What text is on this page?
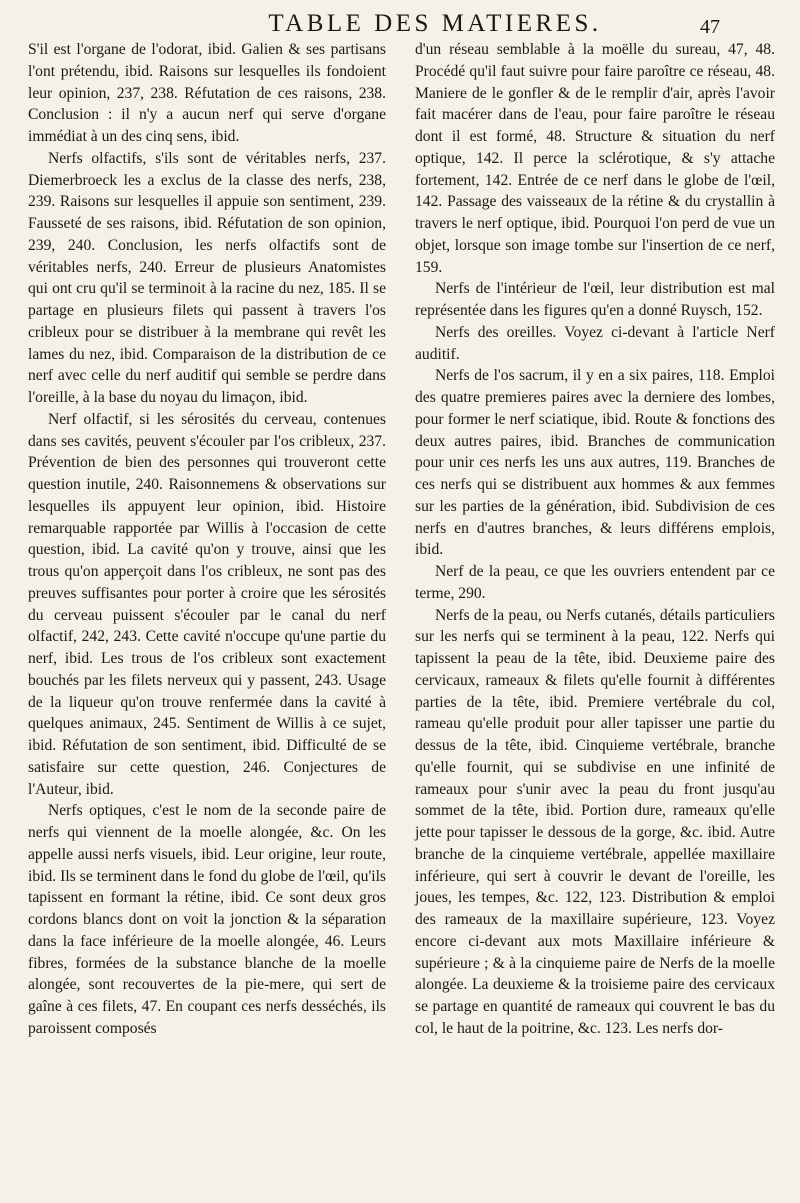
TABLE DES MATIERES.	47

S'il est l'organe de l'odorat, ibid. Galien & ses partisans l'ont prétendu, ibid. Raisons sur lesquelles ils fondoient leur opinion, 237, 238. Réfutation de ces raisons, 238. Conclusion : il n'y a aucun nerf qui serve d'organe immédiat à un des cinq sens, ibid.

Nerfs olfactifs, s'ils sont de véritables nerfs, 237. Diemerbroeck les a exclus de la classe des nerfs, 238, 239. Raisons sur lesquelles il appuie son sentiment, 239. Fausseté de ses raisons, ibid. Réfutation de son opinion, 239, 240. Conclusion, les nerfs olfactifs sont de véritables nerfs, 240. Erreur de plusieurs Anatomistes qui ont cru qu'il se terminoit à la racine du nez, 185. Il se partage en plusieurs filets qui passent à travers l'os cribleux pour se distribuer à la membrane qui revêt les lames du nez, ibid. Comparaison de la distribution de ce nerf avec celle du nerf auditif qui semble se perdre dans l'oreille, à la base du noyau du limaçon, ibid.

Nerf olfactif, si les sérosités du cerveau, contenues dans ses cavités, peuvent s'écouler par l'os cribleux, 237. Prévention de bien des personnes qui trouveront cette question inutile, 240. Raisonnemens & observations sur lesquelles ils appuyent leur opinion, ibid. Histoire remarquable rapportée par Willis à l'occasion de cette question, ibid. La cavité qu'on y trouve, ainsi que les trous qu'on apperçoit dans l'os cribleux, ne sont pas des preuves suffisantes pour porter à croire que les sérosités du cerveau puissent s'écouler par le canal du nerf olfactif, 242, 243. Cette cavité n'occupe qu'une partie du nerf, ibid. Les trous de l'os cribleux sont exactement bouchés par les filets nerveux qui y passent, 243. Usage de la liqueur qu'on trouve renfermée dans la cavité à quelques animaux, 245. Sentiment de Willis à ce sujet, ibid. Réfutation de son sentiment, ibid. Difficulté de se satisfaire sur cette question, 246. Conjectures de l'Auteur, ibid.

Nerfs optiques, c'est le nom de la seconde paire de nerfs qui viennent de la moelle alongée, &c. On les appelle aussi nerfs visuels, ibid. Leur origine, leur route, ibid. Ils se terminent dans le fond du globe de l'œil, qu'ils tapissent en formant la rétine, ibid. Ce sont deux gros cordons blancs dont on voit la jonction & la séparation dans la face inférieure de la moelle alongée, 46. Leurs fibres, formées de la substance blanche de la moelle alongée, sont recouvertes de la pie-mere, qui sert de gaîne à ces filets, 47. En coupant ces nerfs desséchés, ils paroissent composés

d'un réseau semblable à la moëlle du sureau, 47, 48. Procédé qu'il faut suivre pour faire paroître ce réseau, 48. Maniere de le gonfler & de le remplir d'air, après l'avoir fait macérer dans de l'eau, pour faire paroître le réseau dont il est formé, 48. Structure & situation du nerf optique, 142. Il perce la sclérotique, & s'y attache fortement, 142. Entrée de ce nerf dans le globe de l'œil, 142. Passage des vaisseaux de la rétine & du crystallin à travers le nerf optique, ibid. Pourquoi l'on perd de vue un objet, lorsque son image tombe sur l'insertion de ce nerf, 159.

Nerfs de l'intérieur de l'œil, leur distribution est mal représentée dans les figures qu'en a donné Ruysch, 152.

Nerfs des oreilles. Voyez ci-devant à l'article Nerf auditif.

Nerfs de l'os sacrum, il y en a six paires, 118. Emploi des quatre premieres paires avec la derniere des lombes, pour former le nerf sciatique, ibid. Route & fonctions des deux autres paires, ibid. Branches de communication pour unir ces nerfs les uns aux autres, 119. Branches de ces nerfs qui se distribuent aux hommes & aux femmes sur les parties de la génération, ibid. Subdivision de ces nerfs en d'autres branches, & leurs différens emplois, ibid.

Nerf de la peau, ce que les ouvriers entendent par ce terme, 290.

Nerfs de la peau, ou Nerfs cutanés, détails particuliers sur les nerfs qui se terminent à la peau, 122. Nerfs qui tapissent la peau de la tête, ibid. Deuxieme paire des cervicaux, rameaux & filets qu'elle fournit à différentes parties de la tête, ibid. Premiere vertébrale du col, rameau qu'elle produit pour aller tapisser une partie du dessus de la tête, ibid. Cinquieme vertébrale, branche qu'elle fournit, qui se subdivise en une infinité de rameaux pour s'unir avec la peau du front jusqu'au sommet de la tête, ibid. Portion dure, rameaux qu'elle jette pour tapisser le dessous de la gorge, &c. ibid. Autre branche de la cinquieme vertébrale, appellée maxillaire inférieure, qui sert à couvrir le devant de l'oreille, les joues, les tempes, &c. 122, 123. Distribution & emploi des rameaux de la maxillaire supérieure, 123. Voyez encore ci-devant aux mots Maxillaire inférieure & supérieure ; & à la cinquieme paire de Nerfs de la moelle alongée. La deuxieme & la troisieme paire des cervicaux se partage en quantité de rameaux qui couvrent le bas du col, le haut de la poitrine, &c. 123. Les nerfs dor-
